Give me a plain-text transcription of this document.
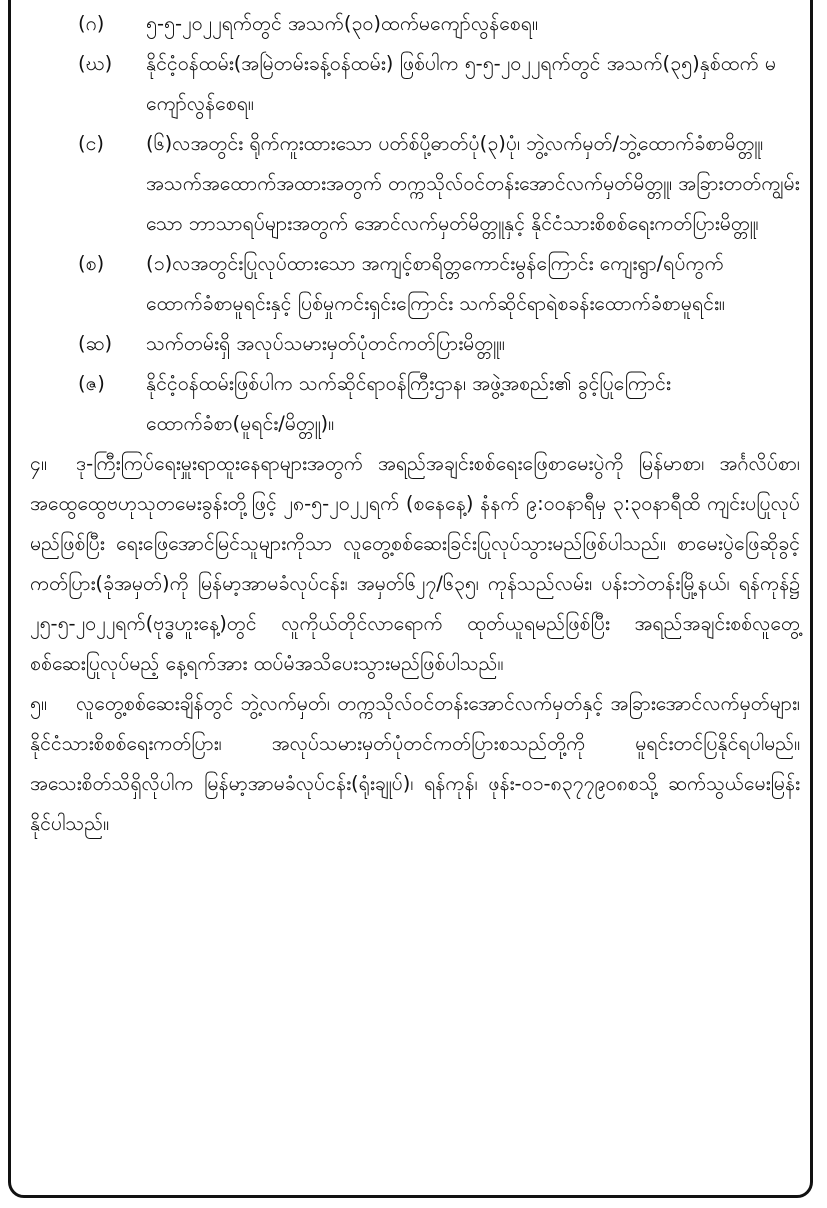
(ဂ) ၅-၅-၂၀၂၂ရက်တွင် အသက်(၃၀)ထက်မကျော်လွန်စေရ။
(ဃ) နိုင်ငံ့ဝန်ထမ်း(အမြဲတမ်းခန့်ဝန်ထမ်း) ဖြစ်ပါက ၅-၅-၂၀၂၂ရက်တွင် အသက်(၃၅)နှစ်ထက် မကျော်လွန်စေရ။
(င) (၆)လအတွင်း ရိုက်ကူးထားသော ပတ်စ်ပို့ဓာတ်ပုံ(၃)ပုံ၊ ဘွဲ့လက်မှတ်/ဘွဲ့ထောက်ခံစာမိတ္တူ၊ အသက်အထောက်အထားအတွက် တက္ကသိုလ်ဝင်တန်းအောင်လက်မှတ်မိတ္တူ၊ အခြားတတ်ကျွမ်းသော ဘာသာရပ်များအတွက် အောင်လက်မှတ်မိတ္တူနှင့် နိုင်ငံသားစိစစ်ရေးကတ်ပြားမိတ္တူ၊
(စ) (၁)လအတွင်းပြုလုပ်ထားသော အကျင့်စာရိတ္တကောင်းမွန်ကြောင်း ကျေးရွာ/ရပ်ကွက်ထောက်ခံစာမူရင်းနှင့် ပြစ်မှုကင်းရှင်းကြောင်း သက်ဆိုင်ရာရဲစခန်းထောက်ခံစာမူရင်း။
(ဆ) သက်တမ်းရှိ အလုပ်သမားမှတ်ပုံတင်ကတ်ပြားမိတ္တူ။
(ဇ) နိုင်ငံ့ဝန်ထမ်းဖြစ်ပါက သက်ဆိုင်ရာဝန်ကြီးဌာန၊ အဖွဲ့အစည်း၏ ခွင့်ပြုကြောင်း ထောက်ခံစာ(မူရင်း/မိတ္တူ)။

၄။ ဒု-ကြီးကြပ်ရေးမှူးရာထူးနေရာများအတွက် အရည်အချင်းစစ်ရေးဖြေစာမေးပွဲကို မြန်မာစာ၊ အင်္ဂလိပ်စာ၊ အထွေထွေဗဟုသုတမေးခွန်းတို့ဖြင့် ၂၈-၅-၂၀၂၂ရက် (စနေနေ့) နံနက် ၉:၀၀နာရီမှ ၃:၃၀နာရီထိ ကျင်းပပြုလုပ်မည်ဖြစ်ပြီး ရေးဖြေအောင်မြင်သူများကိုသာ လူတွေ့စစ်ဆေးခြင်းပြုလုပ်သွားမည်ဖြစ်ပါသည်။ စာမေးပွဲဖြေဆိုခွင့် ကတ်ပြား(ခုံအမှတ်)ကို မြန်မာ့အာမခံလုပ်ငန်း၊ အမှတ်၆၂၇/၆၃၅၊ ကုန်သည်လမ်း၊ ပန်းဘဲတန်းမြို့နယ်၊ ရန်ကုန်၌ ၂၅-၅-၂၀၂၂ရက်(ဗုဒ္ဓဟူးနေ့)တွင် လူကိုယ်တိုင်လာရောက် ထုတ်ယူရမည်ဖြစ်ပြီး အရည်အချင်းစစ်လူတွေ့စစ်ဆေးပြုလုပ်မည့် နေ့ရက်အား ထပ်မံအသိပေးသွားမည်ဖြစ်ပါသည်။

၅။ လူတွေ့စစ်ဆေးချိန်တွင် ဘွဲ့လက်မှတ်၊ တက္ကသိုလ်ဝင်တန်းအောင်လက်မှတ်နှင့် အခြားအောင်လက်မှတ်များ၊ နိုင်ငံသားစိစစ်ရေးကတ်ပြား၊ အလုပ်သမားမှတ်ပုံတင်ကတ်ပြားစသည်တို့ကို မူရင်းတင်ပြနိုင်ရပါမည်။ အသေးစိတ်သိရှိလိုပါက မြန်မာ့အာမခံလုပ်ငန်း(ရုံးချုပ်)၊ ရန်ကုန်၊ ဖုန်း-၀၁-၈၃၇၇၉၀၈စသို့ ဆက်သွယ်မေးမြန်းနိုင်ပါသည်။
